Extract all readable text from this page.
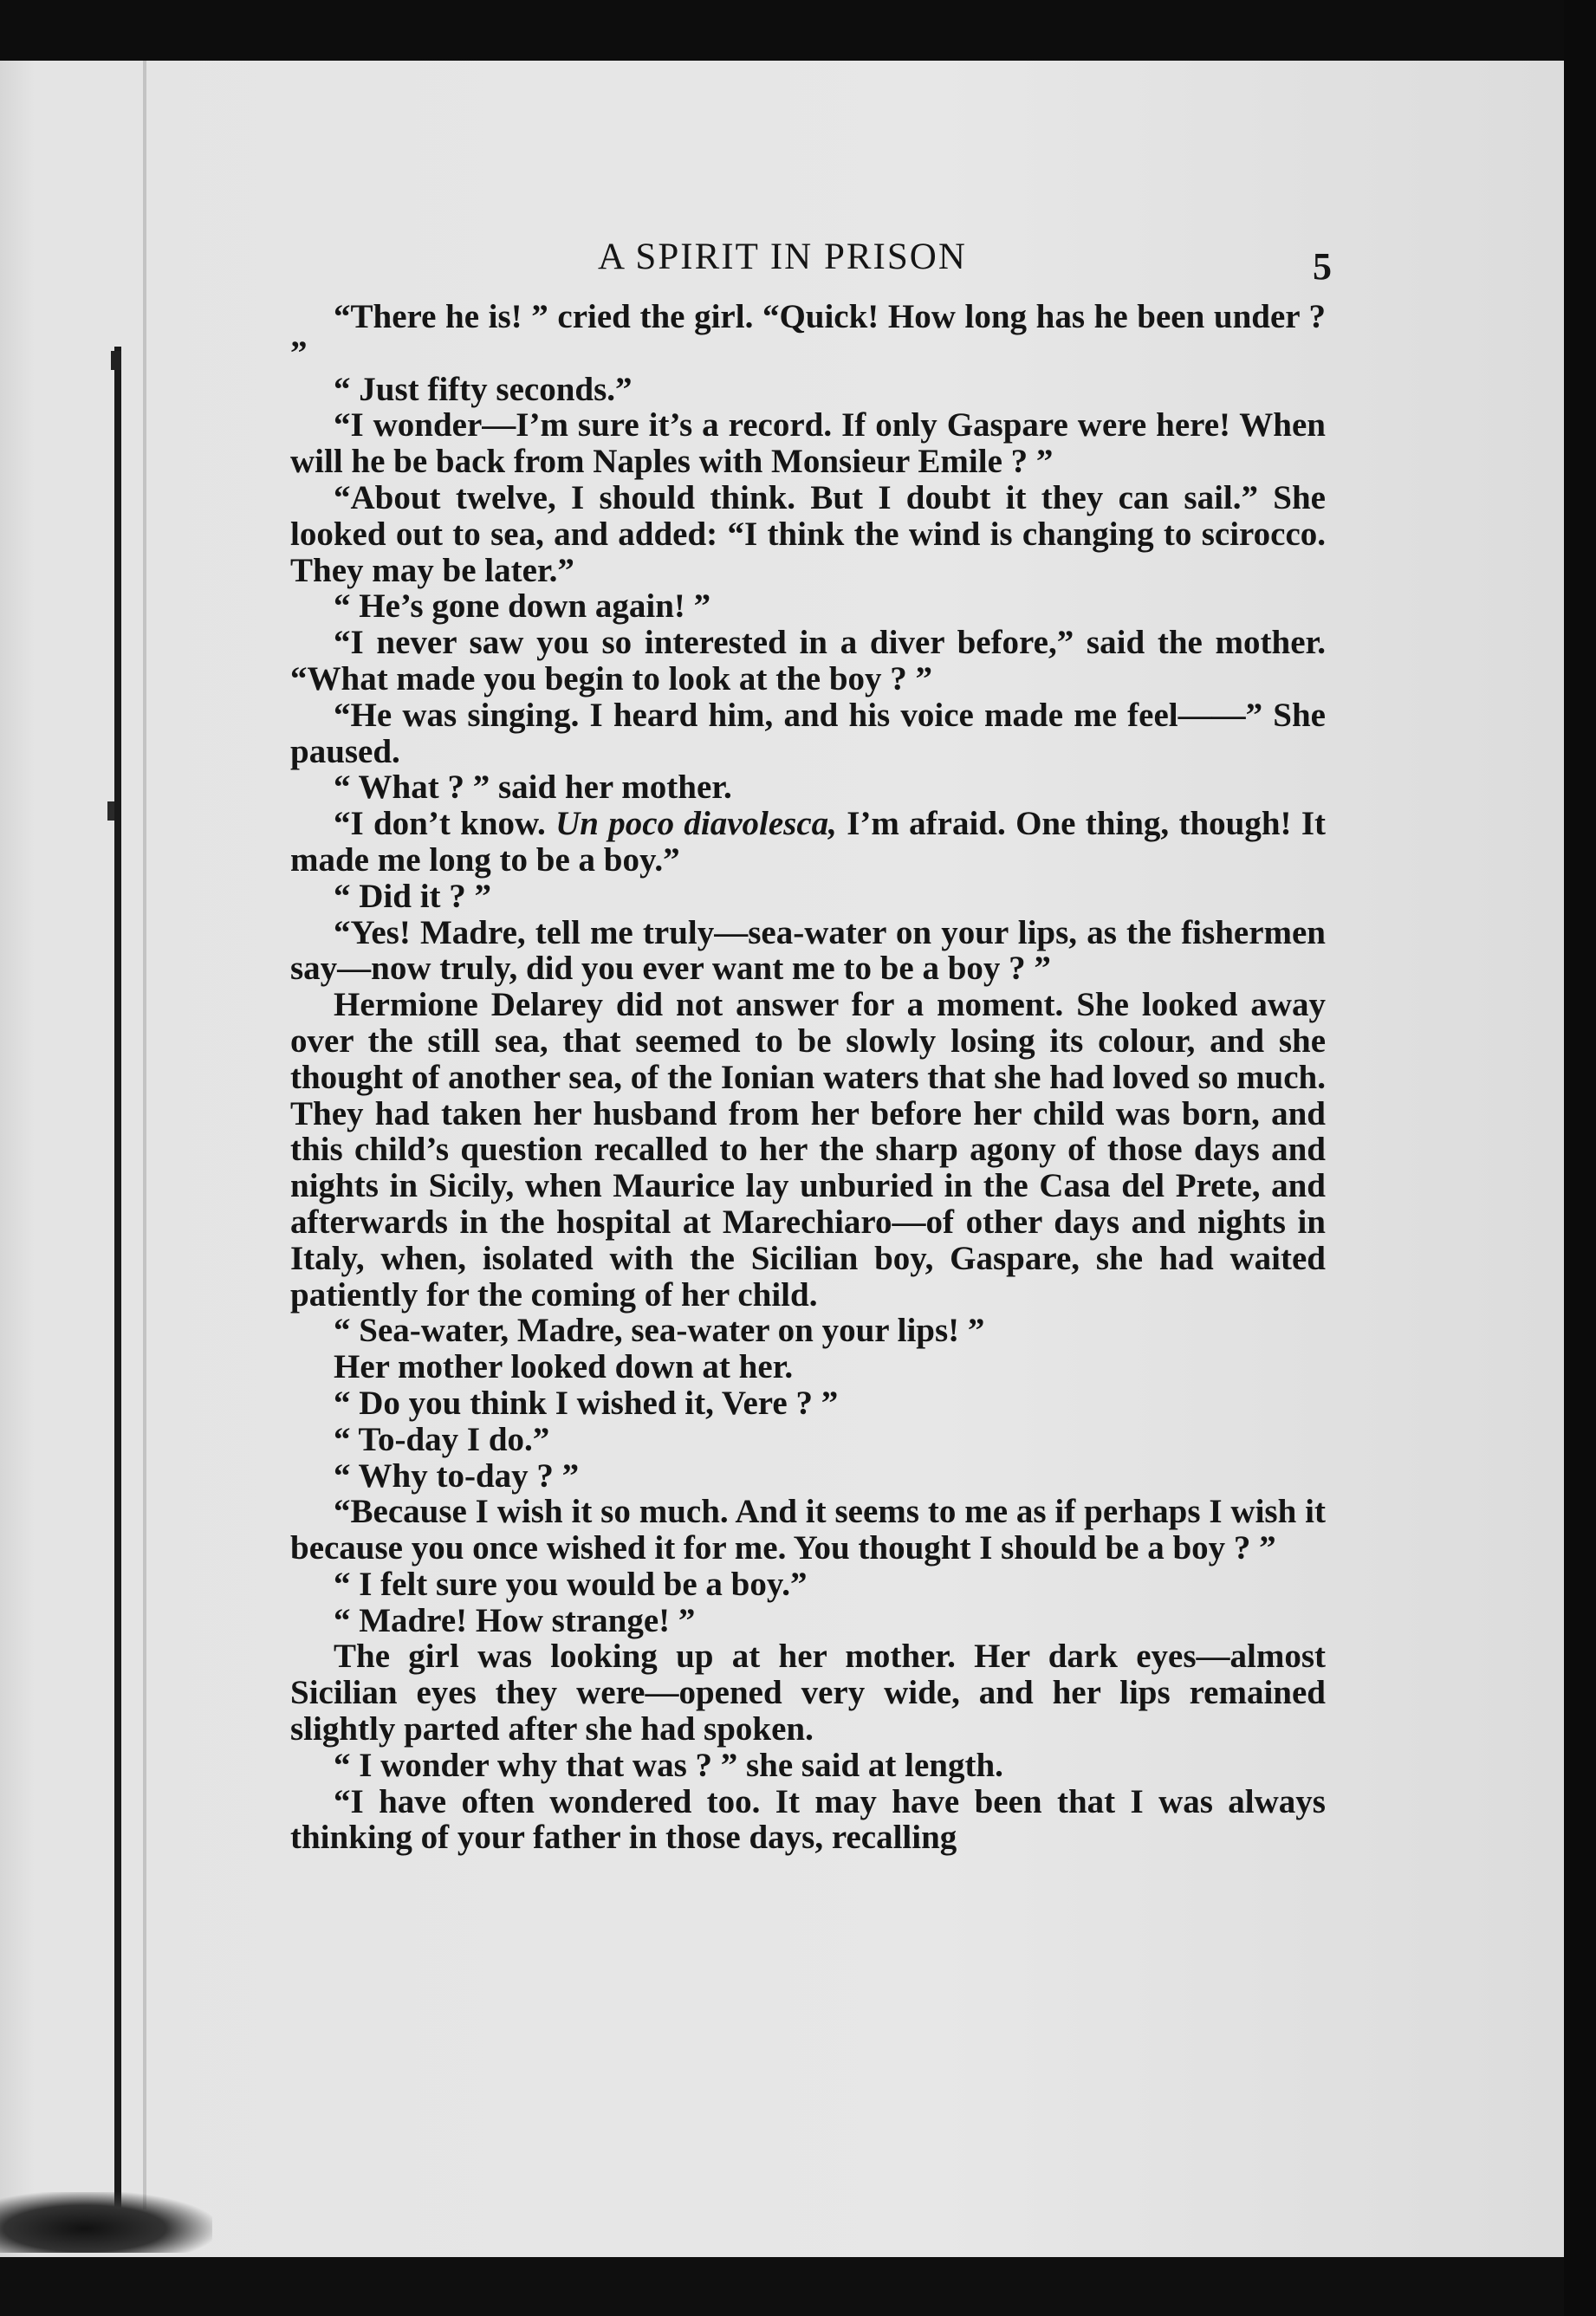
A SPIRIT IN PRISON	5

“There he is! ” cried the girl. “Quick! How long has he been under ? ”

“ Just fifty seconds.”

“I wonder—I’m sure it’s a record. If only Gaspare were here! When will he be back from Naples with Monsieur Emile ? ”

“About twelve, I should think. But I doubt it they can sail.” She looked out to sea, and added: “I think the wind is changing to scirocco. They may be later.”

“ He’s gone down again! ”

“I never saw you so interested in a diver before,” said the mother. “What made you begin to look at the boy ? ”

“He was singing. I heard him, and his voice made me feel——” She paused.

“ What ? ” said her mother.

“I don’t know. Un poco diavolesca, I’m afraid. One thing, though! It made me long to be a boy.”

“ Did it ? ”

“Yes! Madre, tell me truly—sea-water on your lips, as the fishermen say—now truly, did you ever want me to be a boy ? ”

Hermione Delarey did not answer for a moment. She looked away over the still sea, that seemed to be slowly losing its colour, and she thought of another sea, of the Ionian waters that she had loved so much. They had taken her husband from her before her child was born, and this child’s question recalled to her the sharp agony of those days and nights in Sicily, when Maurice lay unburied in the Casa del Prete, and afterwards in the hospital at Marechiaro—of other days and nights in Italy, when, isolated with the Sicilian boy, Gaspare, she had waited patiently for the coming of her child.

“ Sea-water, Madre, sea-water on your lips! ”

Her mother looked down at her.

“ Do you think I wished it, Vere ? ”

“ To-day I do.”

“ Why to-day ? ”

“Because I wish it so much. And it seems to me as if perhaps I wish it because you once wished it for me. You thought I should be a boy ? ”

“ I felt sure you would be a boy.”

“ Madre! How strange! ”

The girl was looking up at her mother. Her dark eyes—almost Sicilian eyes they were—opened very wide, and her lips remained slightly parted after she had spoken.

“ I wonder why that was ? ” she said at length.

“I have often wondered too. It may have been that I was always thinking of your father in those days, recalling
